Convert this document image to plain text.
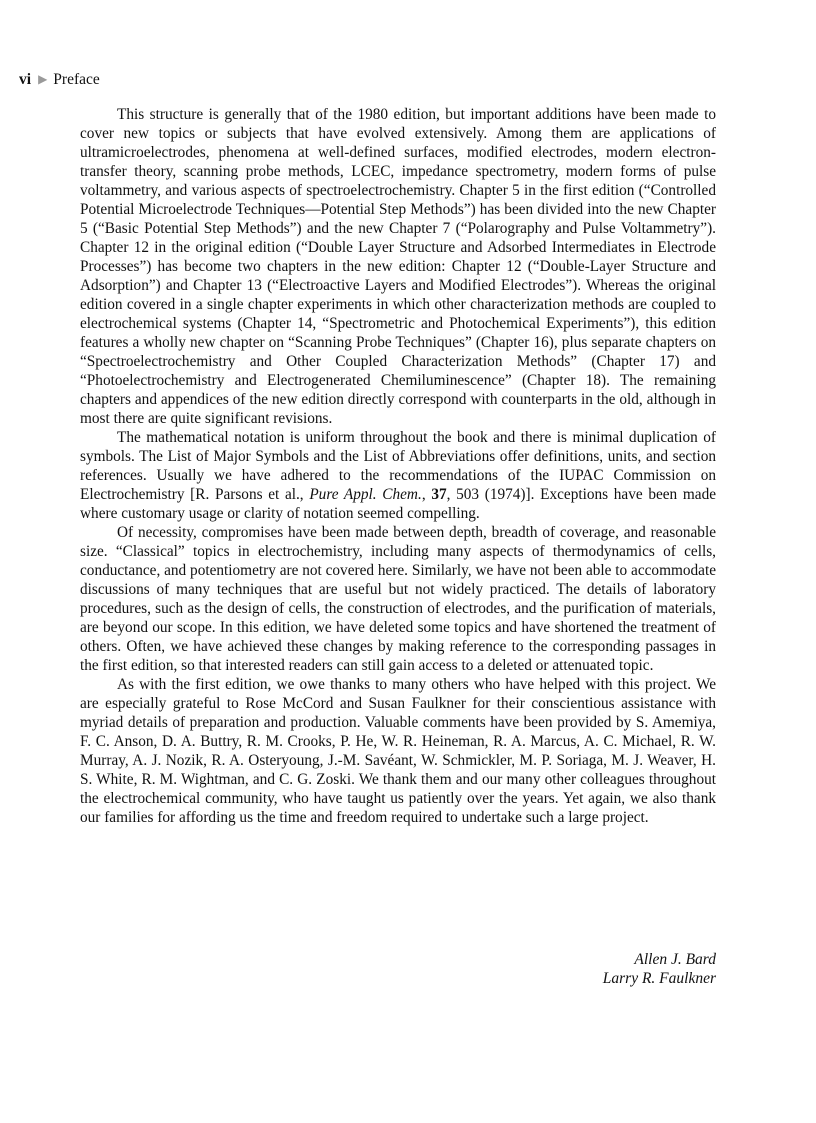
vi ▶ Preface

This structure is generally that of the 1980 edition, but important additions have been made to cover new topics or subjects that have evolved extensively. Among them are applications of ultramicroelectrodes, phenomena at well-defined surfaces, modified electrodes, modern electron-transfer theory, scanning probe methods, LCEC, impedance spectrometry, modern forms of pulse voltammetry, and various aspects of spectroelectrochemistry. Chapter 5 in the first edition (“Controlled Potential Microelectrode Techniques—Potential Step Methods”) has been divided into the new Chapter 5 (“Basic Potential Step Methods”) and the new Chapter 7 (“Polarography and Pulse Voltammetry”). Chapter 12 in the original edition (“Double Layer Structure and Adsorbed Intermediates in Electrode Processes”) has become two chapters in the new edition: Chapter 12 (“Double-Layer Structure and Adsorption”) and Chapter 13 (“Electroactive Layers and Modified Electrodes”). Whereas the original edition covered in a single chapter experiments in which other characterization methods are coupled to electrochemical systems (Chapter 14, “Spectrometric and Photochemical Experiments”), this edition features a wholly new chapter on “Scanning Probe Techniques” (Chapter 16), plus separate chapters on “Spectroelectrochemistry and Other Coupled Characterization Methods” (Chapter 17) and “Photoelectrochemistry and Electrogenerated Chemiluminescence” (Chapter 18). The remaining chapters and appendices of the new edition directly correspond with counterparts in the old, although in most there are quite significant revisions.

The mathematical notation is uniform throughout the book and there is minimal duplication of symbols. The List of Major Symbols and the List of Abbreviations offer definitions, units, and section references. Usually we have adhered to the recommendations of the IUPAC Commission on Electrochemistry [R. Parsons et al., Pure Appl. Chem., 37, 503 (1974)]. Exceptions have been made where customary usage or clarity of notation seemed compelling.

Of necessity, compromises have been made between depth, breadth of coverage, and reasonable size. “Classical” topics in electrochemistry, including many aspects of thermodynamics of cells, conductance, and potentiometry are not covered here. Similarly, we have not been able to accommodate discussions of many techniques that are useful but not widely practiced. The details of laboratory procedures, such as the design of cells, the construction of electrodes, and the purification of materials, are beyond our scope. In this edition, we have deleted some topics and have shortened the treatment of others. Often, we have achieved these changes by making reference to the corresponding passages in the first edition, so that interested readers can still gain access to a deleted or attenuated topic.

As with the first edition, we owe thanks to many others who have helped with this project. We are especially grateful to Rose McCord and Susan Faulkner for their conscientious assistance with myriad details of preparation and production. Valuable comments have been provided by S. Amemiya, F. C. Anson, D. A. Buttry, R. M. Crooks, P. He, W. R. Heineman, R. A. Marcus, A. C. Michael, R. W. Murray, A. J. Nozik, R. A. Osteryoung, J.-M. Savéant, W. Schmickler, M. P. Soriaga, M. J. Weaver, H. S. White, R. M. Wightman, and C. G. Zoski. We thank them and our many other colleagues throughout the electrochemical community, who have taught us patiently over the years. Yet again, we also thank our families for affording us the time and freedom required to undertake such a large project.

Allen J. Bard
Larry R. Faulkner
